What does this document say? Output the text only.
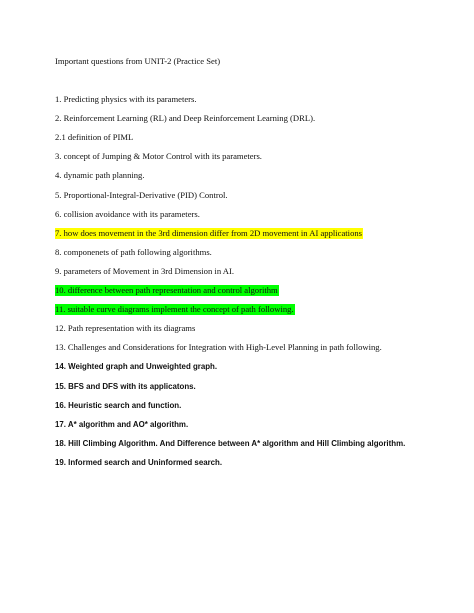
Important questions from UNIT-2 (Practice Set)
1. Predicting physics with its parameters.
2. Reinforcement Learning (RL) and Deep Reinforcement Learning (DRL).
2.1 definition of PIML
3. concept of Jumping & Motor Control with its parameters.
4. dynamic path planning.
5. Proportional-Integral-Derivative (PID) Control.
6. collision avoidance with its parameters.
7. how does movement in the 3rd dimension differ from 2D movement in AI applications
8. componenets of path following algorithms.
9. parameters of Movement in 3rd Dimension in AI.
10. difference between path representation and control algorithm
11. suitable curve diagrams implement the concept of path following.
12. Path representation with its diagrams
13. Challenges and Considerations for Integration with High-Level Planning in path following.
14. Weighted graph and Unweighted graph.
15. BFS and DFS with its applicatons.
16. Heuristic search and function.
17. A* algorithm and AO* algorithm.
18. Hill Climbing Algorithm. And Difference between A* algorithm and Hill Climbing algorithm.
19. Informed search and Uninformed search.
